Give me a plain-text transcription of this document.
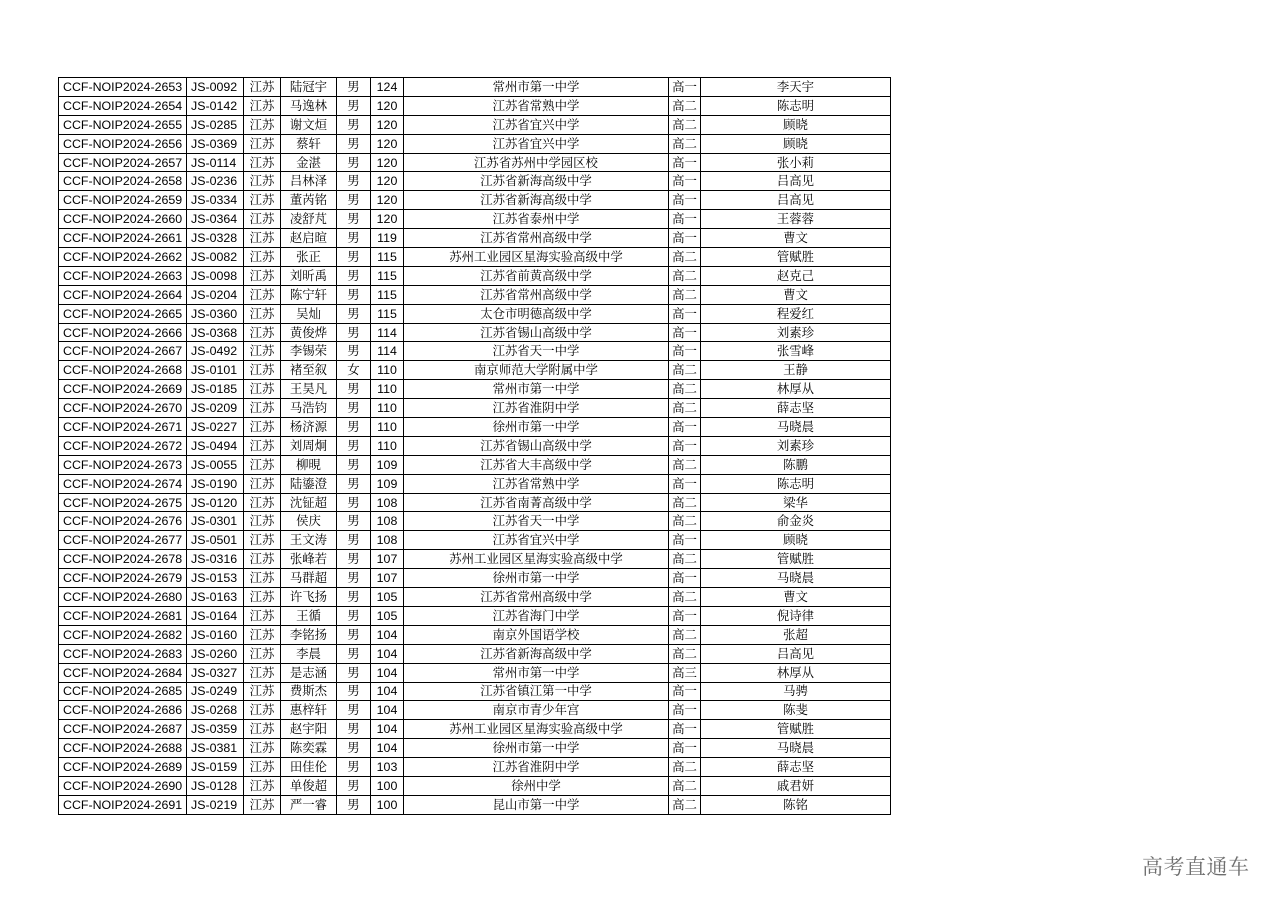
CCF-NOIP2024-2653	JS-0092	江苏	陆冠宇	男	124	常州市第一中学	高一	李天宇
CCF-NOIP2024-2654	JS-0142	江苏	马逸林	男	120	江苏省常熟中学	高二	陈志明
CCF-NOIP2024-2655	JS-0285	江苏	谢文烜	男	120	江苏省宜兴中学	高二	顾晓
CCF-NOIP2024-2656	JS-0369	江苏	蔡轩	男	120	江苏省宜兴中学	高二	顾晓
CCF-NOIP2024-2657	JS-0114	江苏	金湛	男	120	江苏省苏州中学园区校	高一	张小莉
CCF-NOIP2024-2658	JS-0236	江苏	吕林泽	男	120	江苏省新海高级中学	高一	吕高见
CCF-NOIP2024-2659	JS-0334	江苏	董芮铭	男	120	江苏省新海高级中学	高一	吕高见
CCF-NOIP2024-2660	JS-0364	江苏	凌舒芃	男	120	江苏省泰州中学	高一	王蓉蓉
CCF-NOIP2024-2661	JS-0328	江苏	赵启暄	男	119	江苏省常州高级中学	高一	曹文
CCF-NOIP2024-2662	JS-0082	江苏	张正	男	115	苏州工业园区星海实验高级中学	高二	管赋胜
CCF-NOIP2024-2663	JS-0098	江苏	刘昕禹	男	115	江苏省前黄高级中学	高二	赵克己
CCF-NOIP2024-2664	JS-0204	江苏	陈宁轩	男	115	江苏省常州高级中学	高二	曹文
CCF-NOIP2024-2665	JS-0360	江苏	吴灿	男	115	太仓市明德高级中学	高一	程爱红
CCF-NOIP2024-2666	JS-0368	江苏	黄俊烨	男	114	江苏省锡山高级中学	高一	刘素珍
CCF-NOIP2024-2667	JS-0492	江苏	李锡荣	男	114	江苏省天一中学	高一	张雪峰
CCF-NOIP2024-2668	JS-0101	江苏	褚至叙	女	110	南京师范大学附属中学	高二	王静
CCF-NOIP2024-2669	JS-0185	江苏	王昊凡	男	110	常州市第一中学	高二	林厚从
CCF-NOIP2024-2670	JS-0209	江苏	马浩钧	男	110	江苏省淮阴中学	高二	薛志坚
CCF-NOIP2024-2671	JS-0227	江苏	杨济源	男	110	徐州市第一中学	高一	马晓晨
CCF-NOIP2024-2672	JS-0494	江苏	刘周炯	男	110	江苏省锡山高级中学	高一	刘素珍
CCF-NOIP2024-2673	JS-0055	江苏	柳晛	男	109	江苏省大丰高级中学	高二	陈鹏
CCF-NOIP2024-2674	JS-0190	江苏	陆鎏澄	男	109	江苏省常熟中学	高一	陈志明
CCF-NOIP2024-2675	JS-0120	江苏	沈钲超	男	108	江苏省南菁高级中学	高二	梁华
CCF-NOIP2024-2676	JS-0301	江苏	侯庆	男	108	江苏省天一中学	高二	俞金炎
CCF-NOIP2024-2677	JS-0501	江苏	王文涛	男	108	江苏省宜兴中学	高一	顾晓
CCF-NOIP2024-2678	JS-0316	江苏	张峰若	男	107	苏州工业园区星海实验高级中学	高二	管赋胜
CCF-NOIP2024-2679	JS-0153	江苏	马群超	男	107	徐州市第一中学	高一	马晓晨
CCF-NOIP2024-2680	JS-0163	江苏	许飞扬	男	105	江苏省常州高级中学	高二	曹文
CCF-NOIP2024-2681	JS-0164	江苏	王循	男	105	江苏省海门中学	高一	倪诗律
CCF-NOIP2024-2682	JS-0160	江苏	李铭扬	男	104	南京外国语学校	高二	张超
CCF-NOIP2024-2683	JS-0260	江苏	李晨	男	104	江苏省新海高级中学	高二	吕高见
CCF-NOIP2024-2684	JS-0327	江苏	是志涵	男	104	常州市第一中学	高三	林厚从
CCF-NOIP2024-2685	JS-0249	江苏	费斯杰	男	104	江苏省镇江第一中学	高一	马骋
CCF-NOIP2024-2686	JS-0268	江苏	惠梓轩	男	104	南京市青少年宫	高一	陈斐
CCF-NOIP2024-2687	JS-0359	江苏	赵宇阳	男	104	苏州工业园区星海实验高级中学	高一	管赋胜
CCF-NOIP2024-2688	JS-0381	江苏	陈奕霖	男	104	徐州市第一中学	高一	马晓晨
CCF-NOIP2024-2689	JS-0159	江苏	田佳伦	男	103	江苏省淮阴中学	高二	薛志坚
CCF-NOIP2024-2690	JS-0128	江苏	单俊超	男	100	徐州中学	高二	戚君妍
CCF-NOIP2024-2691	JS-0219	江苏	严一睿	男	100	昆山市第一中学	高二	陈铭
高考直通车
